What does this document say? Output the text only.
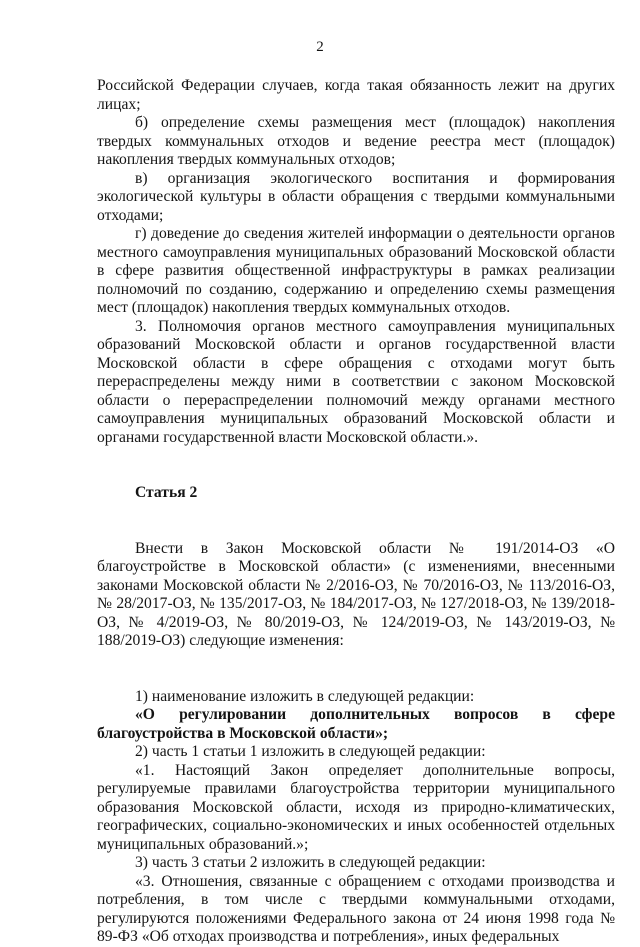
2

Российской Федерации случаев, когда такая обязанность лежит на других лицах;

б) определение схемы размещения мест (площадок) накопления твердых коммунальных отходов и ведение реестра мест (площадок) накопления твердых коммунальных отходов;

в) организация экологического воспитания и формирования экологической культуры в области обращения с твердыми коммунальными отходами;

г) доведение до сведения жителей информации о деятельности органов местного самоуправления муниципальных образований Московской области в сфере развития общественной инфраструктуры в рамках реализации полномочий по созданию, содержанию и определению схемы размещения мест (площадок) накопления твердых коммунальных отходов.

3. Полномочия органов местного самоуправления муниципальных образований Московской области и органов государственной власти Московской области в сфере обращения с отходами могут быть перераспределены между ними в соответствии с законом Московской области о перераспределении полномочий между органами местного самоуправления муниципальных образований Московской области и органами государственной власти Московской области.».

Статья 2

Внести в Закон Московской области № 191/2014-ОЗ «О благоустройстве в Московской области» (с изменениями, внесенными законами Московской области № 2/2016-ОЗ, № 70/2016-ОЗ, № 113/2016-ОЗ, № 28/2017-ОЗ, № 135/2017-ОЗ, № 184/2017-ОЗ, № 127/2018-ОЗ, № 139/2018-ОЗ, № 4/2019-ОЗ, № 80/2019-ОЗ, № 124/2019-ОЗ, № 143/2019-ОЗ, № 188/2019-ОЗ) следующие изменения:

1) наименование изложить в следующей редакции:

«О регулировании дополнительных вопросов в сфере благоустройства в Московской области»;

2) часть 1 статьи 1 изложить в следующей редакции:

«1. Настоящий Закон определяет дополнительные вопросы, регулируемые правилами благоустройства территории муниципального образования Московской области, исходя из природно-климатических, географических, социально-экономических и иных особенностей отдельных муниципальных образований.»;

3) часть 3 статьи 2 изложить в следующей редакции:

«3. Отношения, связанные с обращением с отходами производства и потребления, в том числе с твердыми коммунальными отходами, регулируются положениями Федерального закона от 24 июня 1998 года № 89-ФЗ «Об отходах производства и потребления», иных федеральных
